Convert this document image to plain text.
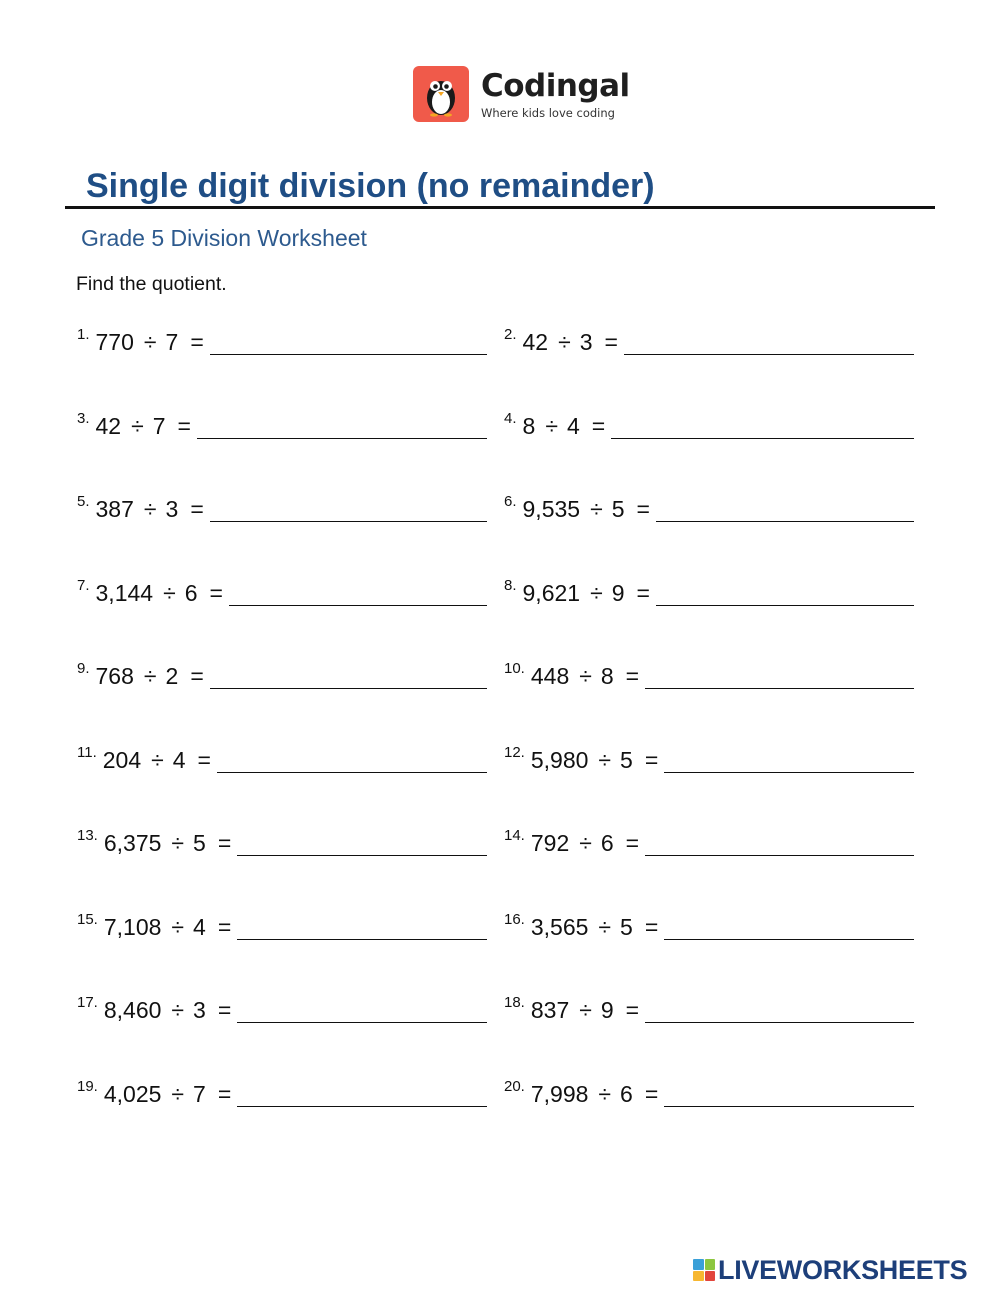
Codingal
Where kids love coding
Single digit division (no remainder)
Grade 5 Division Worksheet
Find the quotient.
1. 770 ÷ 7 =	2. 42 ÷ 3 =
3. 42 ÷ 7 =	4. 8 ÷ 4 =
5. 387 ÷ 3 =	6. 9,535 ÷ 5 =
7. 3,144 ÷ 6 =	8. 9,621 ÷ 9 =
9. 768 ÷ 2 =	10. 448 ÷ 8 =
11. 204 ÷ 4 =	12. 5,980 ÷ 5 =
13. 6,375 ÷ 5 =	14. 792 ÷ 6 =
15. 7,108 ÷ 4 =	16. 3,565 ÷ 5 =
17. 8,460 ÷ 3 =	18. 837 ÷ 9 =
19. 4,025 ÷ 7 =	20. 7,998 ÷ 6 =
LIVEWORKSHEETS
